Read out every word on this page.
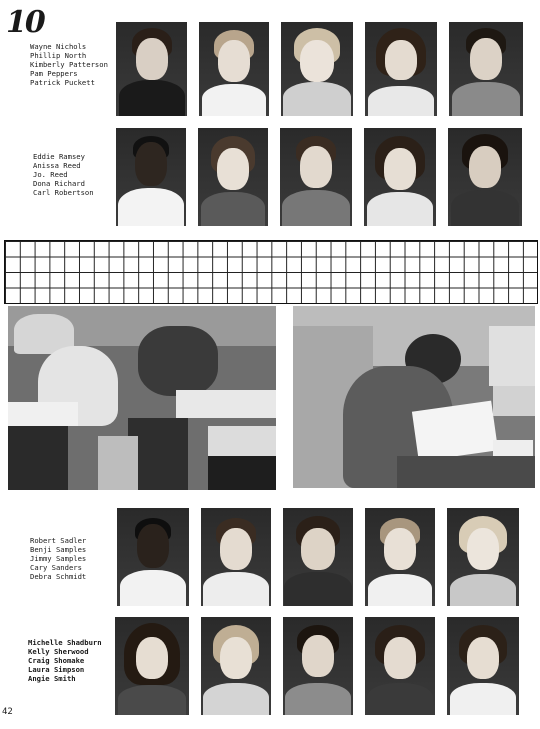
10
Wayne Nichols
Phillip North
Kimberly Patterson
Pam Peppers
Patrick Puckett
Eddie Ramsey
Anissa Reed
Jo. Reed
Dona Richard
Carl Robertson
Robert Sadler
Benji Samples
Jimmy Samples
Cary Sanders
Debra Schmidt
Michelle Shadburn
Kelly Sherwood
Craig Shomake
Laura Simpson
Angie Smith
42
